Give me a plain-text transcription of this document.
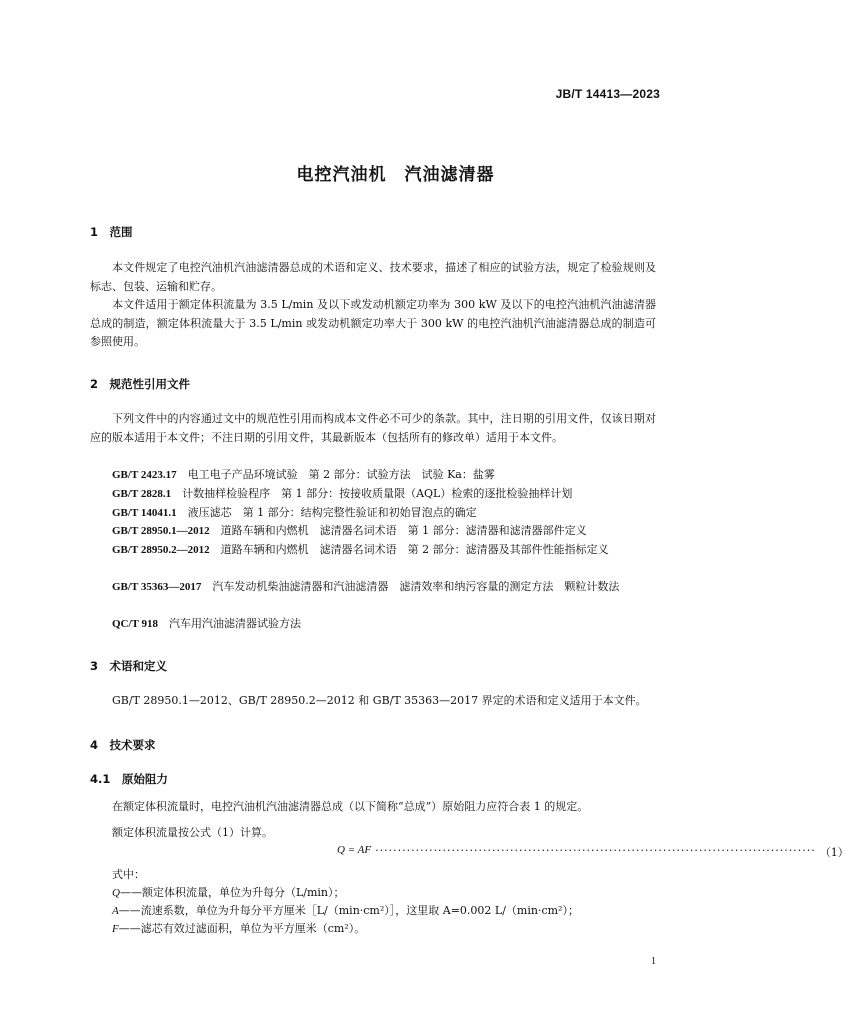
JB/T 14413—2023
电控汽油机　汽油滤清器
1　范围
本文件规定了电控汽油机汽油滤清器总成的术语和定义、技术要求，描述了相应的试验方法，规定了检验规则及标志、包装、运输和贮存。
本文件适用于额定体积流量为 3.5 L/min 及以下或发动机额定功率为 300 kW 及以下的电控汽油机汽油滤清器总成的制造，额定体积流量大于 3.5 L/min 或发动机额定功率大于 300 kW 的电控汽油机汽油滤清器总成的制造可参照使用。
2　规范性引用文件
下列文件中的内容通过文中的规范性引用而构成本文件必不可少的条款。其中，注日期的引用文件，仅该日期对应的版本适用于本文件；不注日期的引用文件，其最新版本（包括所有的修改单）适用于本文件。
GB/T 2423.17　 电工电子产品环境试验　第 2 部分：试验方法　试验 Ka：盐雾
GB/T 2828.1　 计数抽样检验程序　第 1 部分：按接收质量限（AQL）检索的逐批检验抽样计划
GB/T 14041.1　 液压滤芯　第 1 部分：结构完整性验证和初始冒泡点的确定
GB/T 28950.1—2012　 道路车辆和内燃机　滤清器名词术语　第 1 部分：滤清器和滤清器部件定义
GB/T 28950.2—2012　 道路车辆和内燃机　滤清器名词术语　第 2 部分：滤清器及其部件性能指标定义
GB/T 35363—2017　 汽车发动机柴油滤清器和汽油滤清器　滤清效率和纳污容量的测定方法　颗粒计数法
QC/T 918　 汽车用汽油滤清器试验方法
3　术语和定义
GB/T 28950.1—2012、GB/T 28950.2—2012 和 GB/T 35363—2017 界定的术语和定义适用于本文件。
4　技术要求
4.1　原始阻力
在额定体积流量时，电控汽油机汽油滤清器总成（以下简称“总成”）原始阻力应符合表 1 的规定。
额定体积流量按公式（1）计算。
Q = AF ·································································································· （1）
式中：
Q——额定体积流量，单位为升每分（L/min）；
A——流速系数，单位为升每分平方厘米［L/（min·cm²）］，这里取 A=0.002 L/（min·cm²）；
F——滤芯有效过滤面积，单位为平方厘米（cm²）。
1
